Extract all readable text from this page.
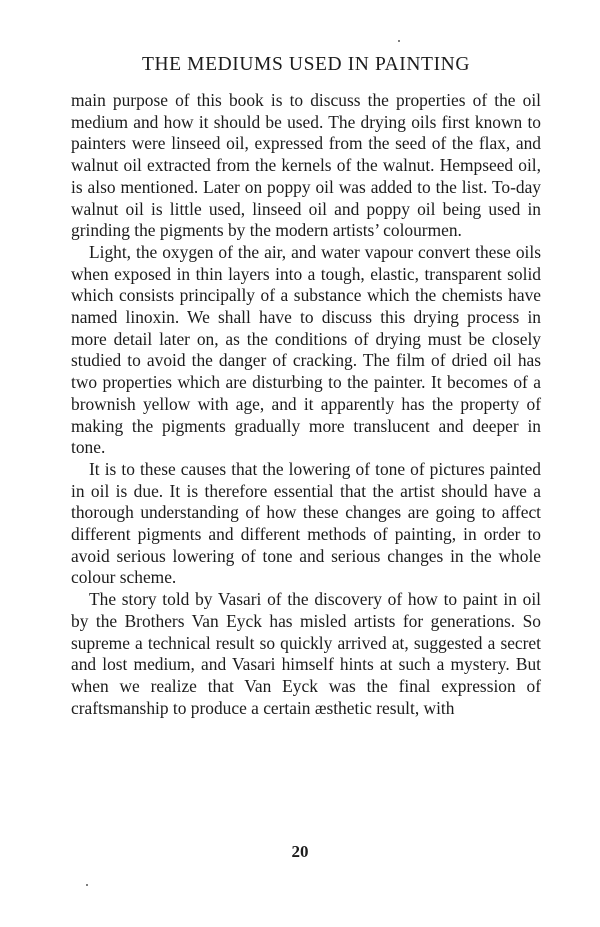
THE MEDIUMS USED IN PAINTING

main purpose of this book is to discuss the properties of the oil medium and how it should be used. The drying oils first known to painters were linseed oil, expressed from the seed of the flax, and walnut oil extracted from the kernels of the walnut. Hempseed oil, is also mentioned. Later on poppy oil was added to the list. To-day walnut oil is little used, linseed oil and poppy oil being used in grinding the pigments by the modern artists’ colourmen.

Light, the oxygen of the air, and water vapour convert these oils when exposed in thin layers into a tough, elastic, transparent solid which consists principally of a substance which the chemists have named linoxin. We shall have to discuss this drying process in more detail later on, as the conditions of drying must be closely studied to avoid the danger of cracking. The film of dried oil has two properties which are disturbing to the painter. It becomes of a brownish yellow with age, and it apparently has the property of making the pigments gradually more translucent and deeper in tone.

It is to these causes that the lowering of tone of pictures painted in oil is due. It is therefore essential that the artist should have a thorough understanding of how these changes are going to affect different pigments and different methods of painting, in order to avoid serious lowering of tone and serious changes in the whole colour scheme.

The story told by Vasari of the discovery of how to paint in oil by the Brothers Van Eyck has misled artists for generations. So supreme a technical result so quickly arrived at, suggested a secret and lost medium, and Vasari himself hints at such a mystery. But when we realize that Van Eyck was the final expression of craftsmanship to produce a certain æsthetic result, with

20
